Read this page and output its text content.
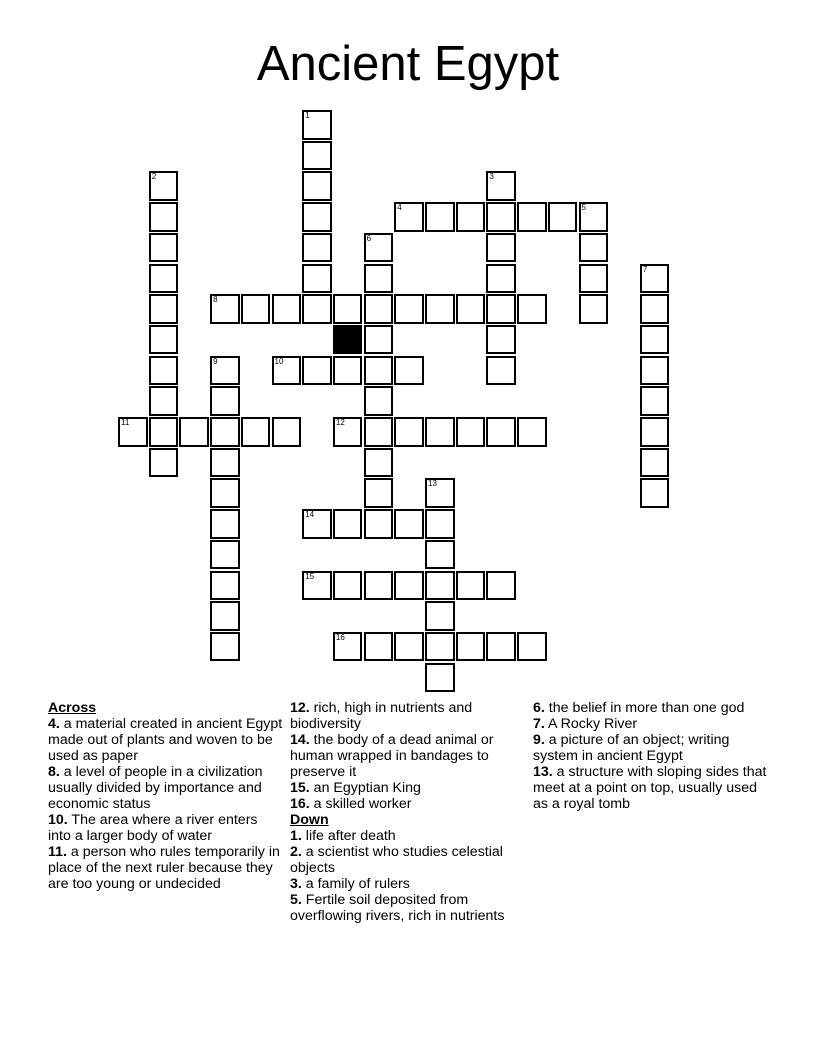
Ancient Egypt
1
2	3
4	5
6
7
8
9	10
11	12
13
14
15
16
Across

4. a material created in ancient Egypt made out of plants and woven to be used as paper

8. a level of people in a civilization usually divided by importance and economic status

10. The area where a river enters into a larger body of water

11. a person who rules temporarily in place of the next ruler because they are too young or undecided

12. rich, high in nutrients and biodiversity

14. the body of a dead animal or human wrapped in bandages to preserve it

15. an Egyptian King

16. a skilled worker

Down

1. life after death

2. a scientist who studies celestial objects

3. a family of rulers

5. Fertile soil deposited from overflowing rivers, rich in nutrients

6. the belief in more than one god

7. A Rocky River

9. a picture of an object; writing system in ancient Egypt

13. a structure with sloping sides that meet at a point on top, usually used as a royal tomb
